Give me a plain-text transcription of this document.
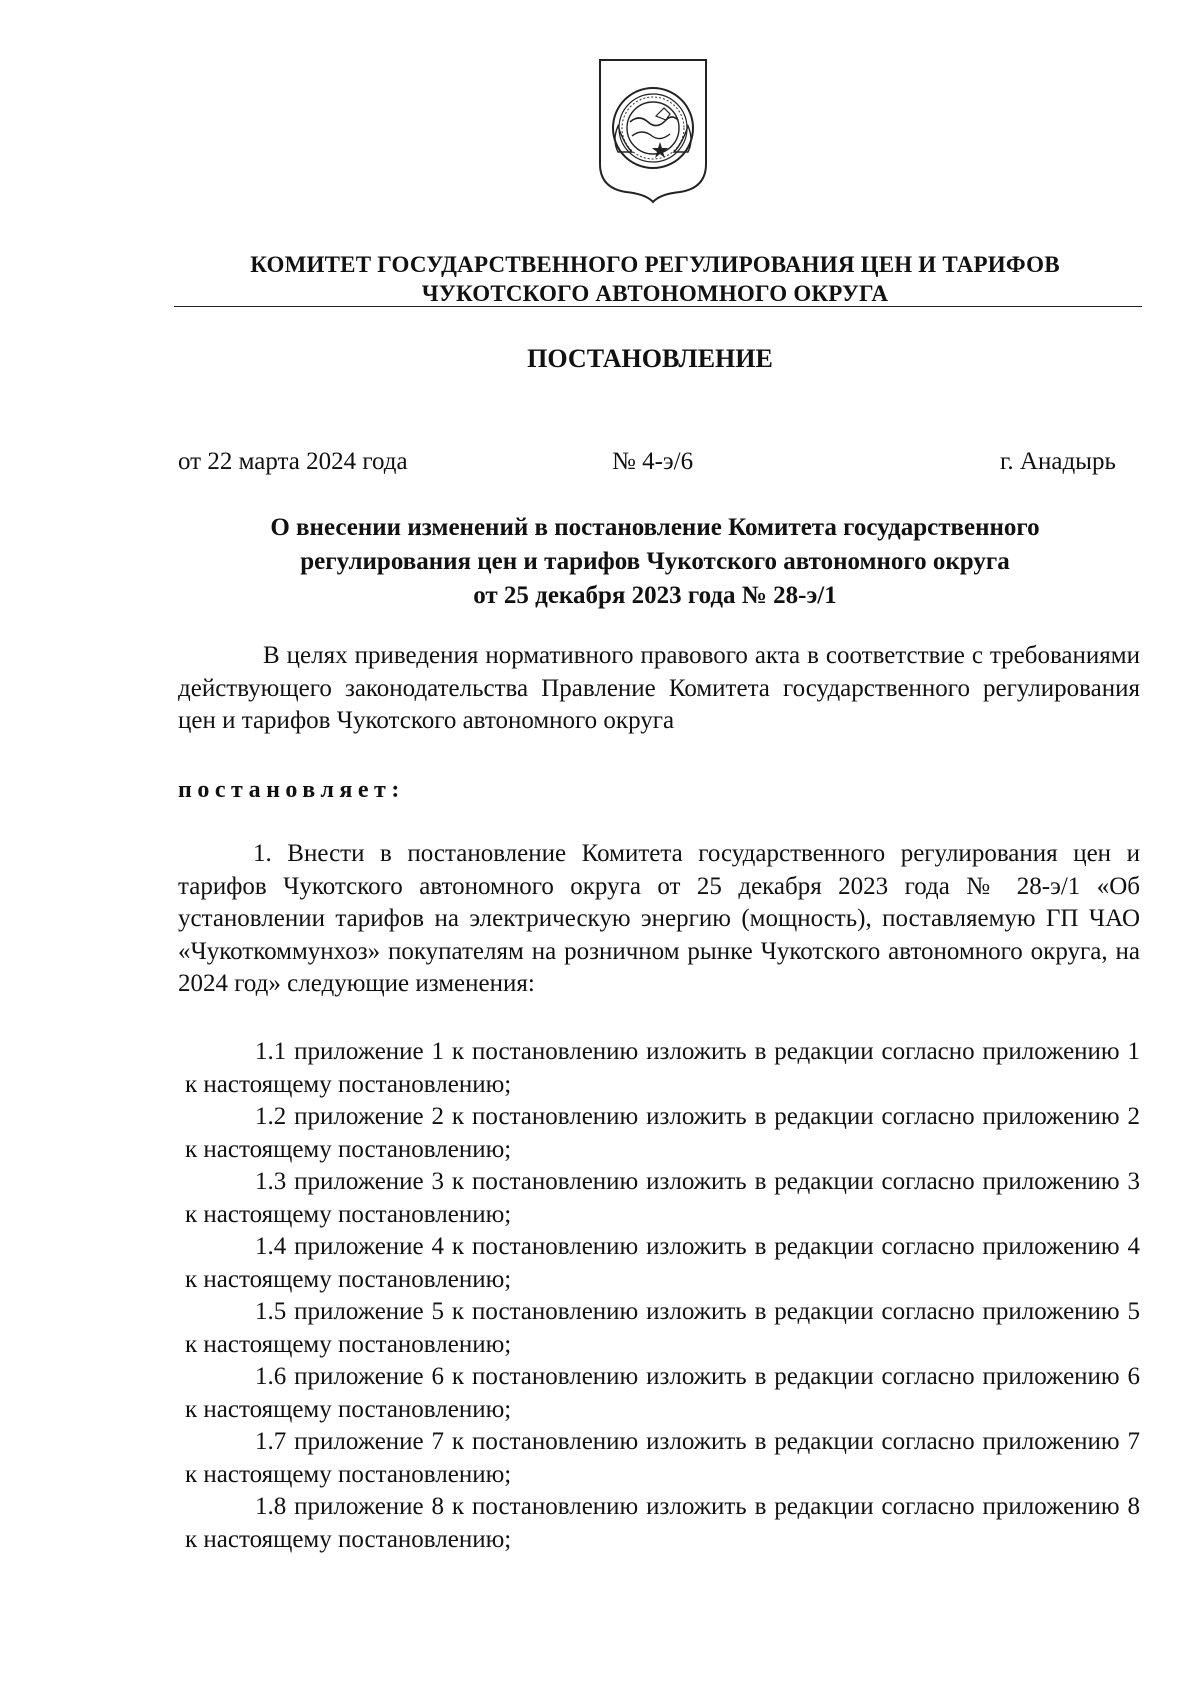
КОМИТЕТ ГОСУДАРСТВЕННОГО РЕГУЛИРОВАНИЯ ЦЕН И ТАРИФОВ
ЧУКОТСКОГО АВТОНОМНОГО ОКРУГА
ПОСТАНОВЛЕНИЕ
от 22 марта 2024 года	№ 4-э/6	г. Анадырь
О внесении изменений в постановление Комитета государственного
регулирования цен и тарифов Чукотского автономного округа
от 25 декабря 2023 года № 28-э/1
В целях приведения нормативного правового акта в соответствие с требованиями действующего законодательства Правление Комитета государственного регулирования цен и тарифов Чукотского автономного округа
постановляет:
1. Внести в постановление Комитета государственного регулирования цен и тарифов Чукотского автономного округа от 25 декабря 2023 года № 28-э/1 «Об установлении тарифов на электрическую энергию (мощность), поставляемую ГП ЧАО «Чукоткоммунхоз» покупателям на розничном рынке Чукотского автономного округа, на 2024 год» следующие изменения:
1.1 приложение 1 к постановлению изложить в редакции согласно приложению 1 к настоящему постановлению;
1.2 приложение 2 к постановлению изложить в редакции согласно приложению 2 к настоящему постановлению;
1.3 приложение 3 к постановлению изложить в редакции согласно приложению 3 к настоящему постановлению;
1.4 приложение 4 к постановлению изложить в редакции согласно приложению 4 к настоящему постановлению;
1.5 приложение 5 к постановлению изложить в редакции согласно приложению 5 к настоящему постановлению;
1.6 приложение 6 к постановлению изложить в редакции согласно приложению 6 к настоящему постановлению;
1.7 приложение 7 к постановлению изложить в редакции согласно приложению 7 к настоящему постановлению;
1.8 приложение 8 к постановлению изложить в редакции согласно приложению 8 к настоящему постановлению;
